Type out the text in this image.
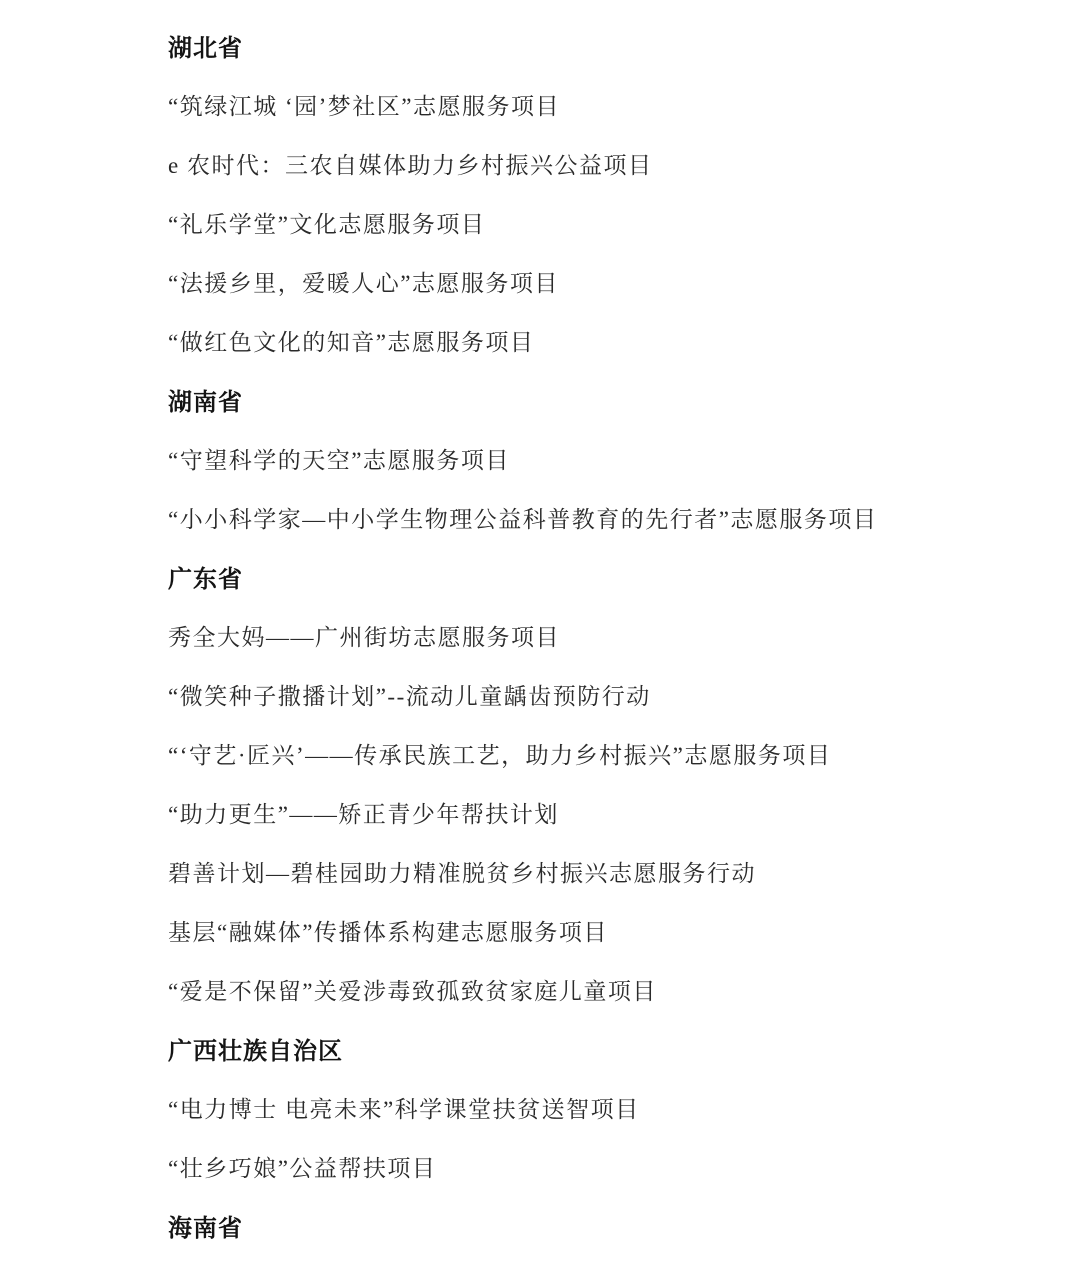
湖北省
“筑绿江城 ‘园’梦社区”志愿服务项目
e 农时代：三农自媒体助力乡村振兴公益项目
“礼乐学堂”文化志愿服务项目
“法援乡里，爱暖人心”志愿服务项目
“做红色文化的知音”志愿服务项目
湖南省
“守望科学的天空”志愿服务项目
“小小科学家—中小学生物理公益科普教育的先行者”志愿服务项目
广东省
秀全大妈——广州街坊志愿服务项目
“微笑种子撒播计划”--流动儿童龋齿预防行动
“‘守艺·匠兴’——传承民族工艺，助力乡村振兴”志愿服务项目
“助力更生”——矫正青少年帮扶计划
碧善计划—碧桂园助力精准脱贫乡村振兴志愿服务行动
基层“融媒体”传播体系构建志愿服务项目
“爱是不保留”关爱涉毒致孤致贫家庭儿童项目
广西壮族自治区
“电力博士 电亮未来”科学课堂扶贫送智项目
“壮乡巧娘”公益帮扶项目
海南省
